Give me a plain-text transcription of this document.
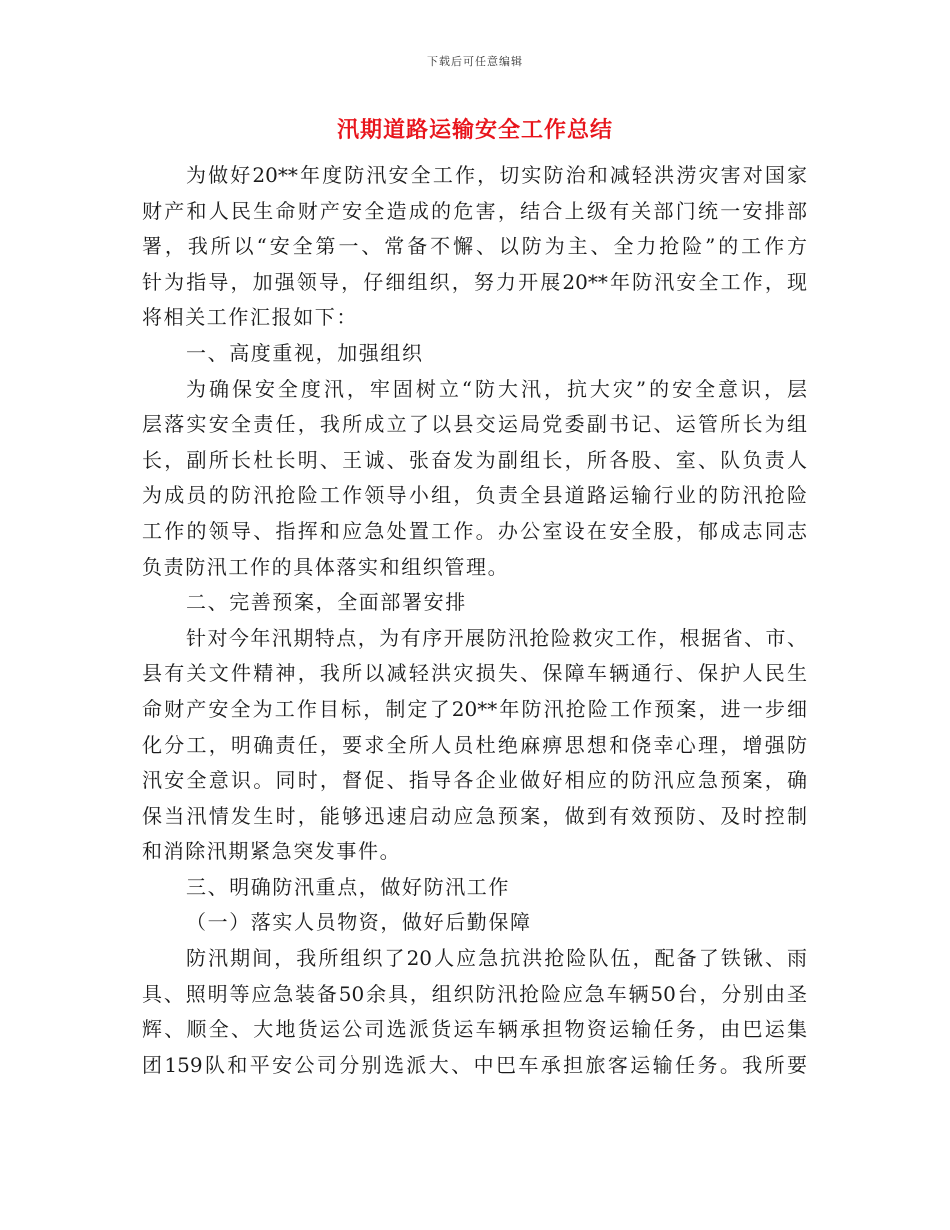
下载后可任意编辑
汛期道路运输安全工作总结
为做好20**年度防汛安全工作，切实防治和减轻洪涝灾害对国家
财产和人民生命财产安全造成的危害，结合上级有关部门统一安排部
署，我所以“安全第一、常备不懈、以防为主、全力抢险”的工作方
针为指导，加强领导，仔细组织，努力开展20**年防汛安全工作，现
将相关工作汇报如下：
一、高度重视，加强组织
为确保安全度汛，牢固树立“防大汛，抗大灾”的安全意识，层
层落实安全责任，我所成立了以县交运局党委副书记、运管所长为组
长，副所长杜长明、王诚、张奋发为副组长，所各股、室、队负责人
为成员的防汛抢险工作领导小组，负责全县道路运输行业的防汛抢险
工作的领导、指挥和应急处置工作。办公室设在安全股，郁成志同志
负责防汛工作的具体落实和组织管理。
二、完善预案，全面部署安排
针对今年汛期特点，为有序开展防汛抢险救灾工作，根据省、市、
县有关文件精神，我所以减轻洪灾损失、保障车辆通行、保护人民生
命财产安全为工作目标，制定了20**年防汛抢险工作预案，进一步细
化分工，明确责任，要求全所人员杜绝麻痹思想和侥幸心理，增强防
汛安全意识。同时，督促、指导各企业做好相应的防汛应急预案，确
保当汛情发生时，能够迅速启动应急预案，做到有效预防、及时控制
和消除汛期紧急突发事件。
三、明确防汛重点，做好防汛工作
（一）落实人员物资，做好后勤保障
防汛期间，我所组织了20人应急抗洪抢险队伍，配备了铁锹、雨
具、照明等应急装备50余具，组织防汛抢险应急车辆50台，分别由圣
辉、顺全、大地货运公司选派货运车辆承担物资运输任务，由巴运集
团159队和平安公司分别选派大、中巴车承担旅客运输任务。我所要
